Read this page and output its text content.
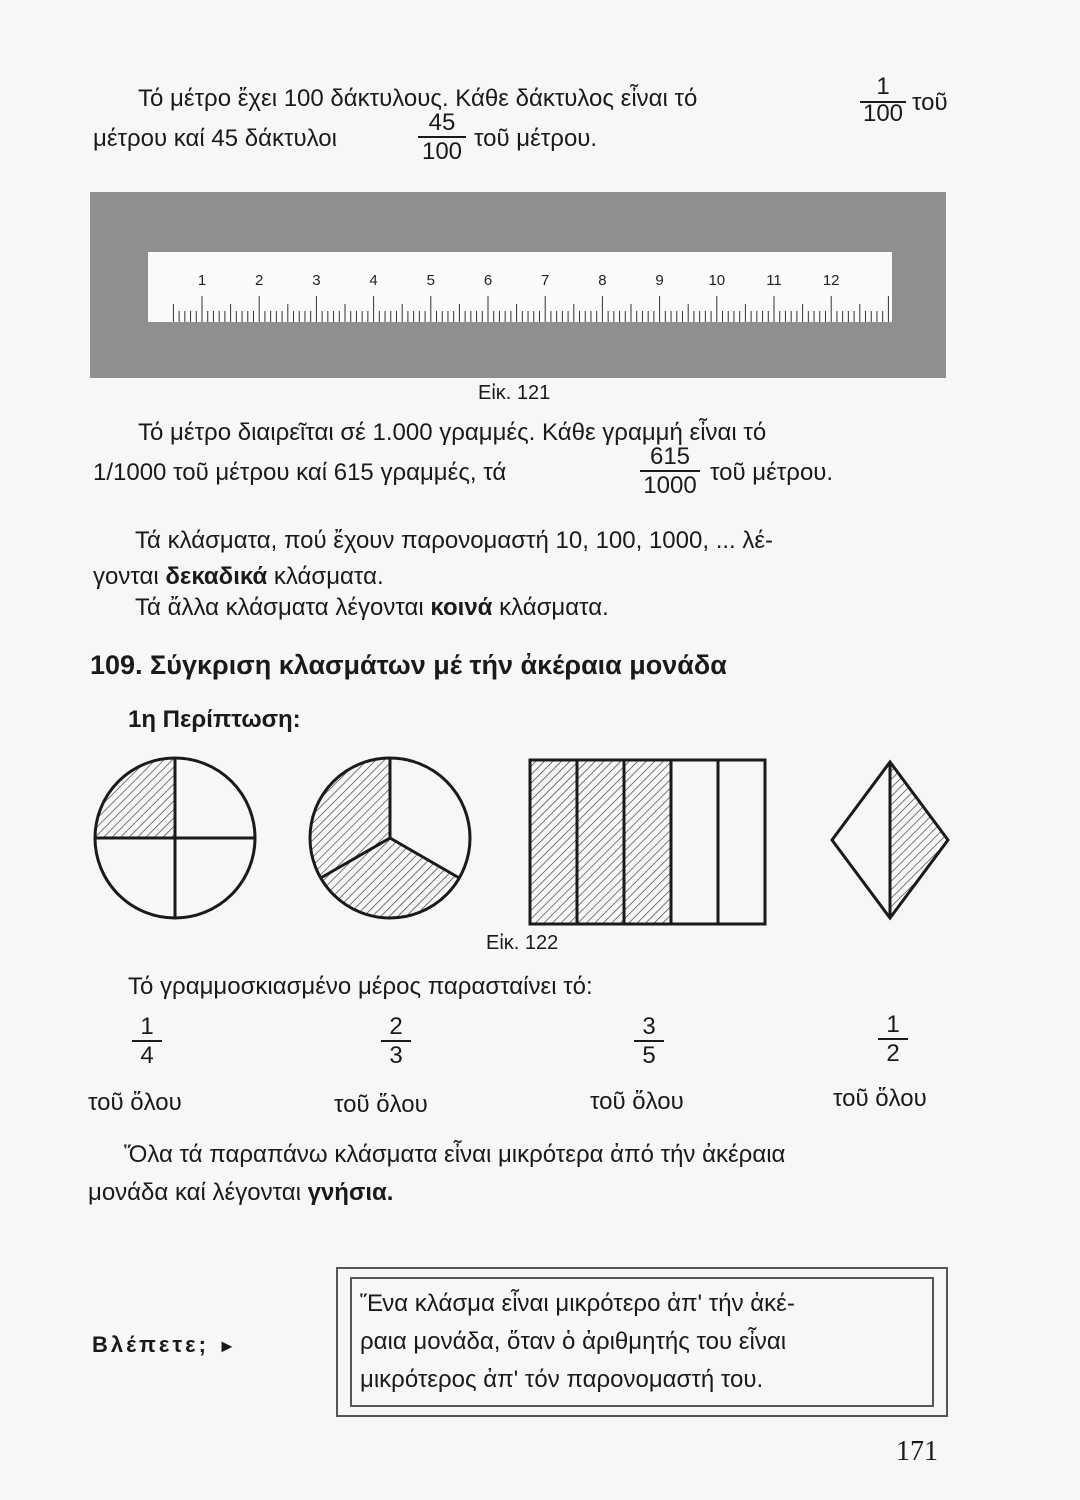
Τό μέτρο ἔχει 100 δάκτυλους. Κάθε δάκτυλος εἶναι τό	1
100 τοῦ
μέτρου καί 45 δάκτυλοι	$\frac{45}{100}$ τοῦ μέτρου.
1	2	3	4	5	6	7	8	9	10	11	12
Εἰκ. 121
Τό μέτρο διαιρεῖται σέ 1.000 γραμμές. Κάθε γραμμή εἶναι τό
1/1000 τοῦ μέτρου καί 615 γραμμές, τά	$\frac{615}{1000}$ τοῦ μέτρου.
Τά κλάσματα, πού ἔχουν παρονομαστή 10, 100, 1000, ... λέ-
γονται δεκαδικά κλάσματα.
Τά ἄλλα κλάσματα λέγονται κοινά κλάσματα.
109. Σύγκριση κλασμάτων μέ τήν ἀκέραια μονάδα
1η Περίπτωση:
Εἰκ. 122
Τό γραμμοσκιασμένο μέρος παρασταίνει τό:
$\frac{1}{4}$
τοῦ ὅλου
$\frac{2}{3}$
τοῦ ὅλου
$\frac{3}{5}$
τοῦ ὅλου
$\frac{1}{2}$
τοῦ ὅλου
Ὅλα τά παραπάνω κλάσματα εἶναι μικρότερα ἀπό τήν ἀκέραια
μονάδα καί λέγονται γνήσια.
Βλέπετε; ►
Ἕνα κλάσμα εἶναι μικρότερο ἀπ' τήν ἀκέ-
ραια μονάδα, ὅταν ὁ ἀριθμητής του εἶναι
μικρότερος ἀπ' τόν παρονομαστή του.
171
